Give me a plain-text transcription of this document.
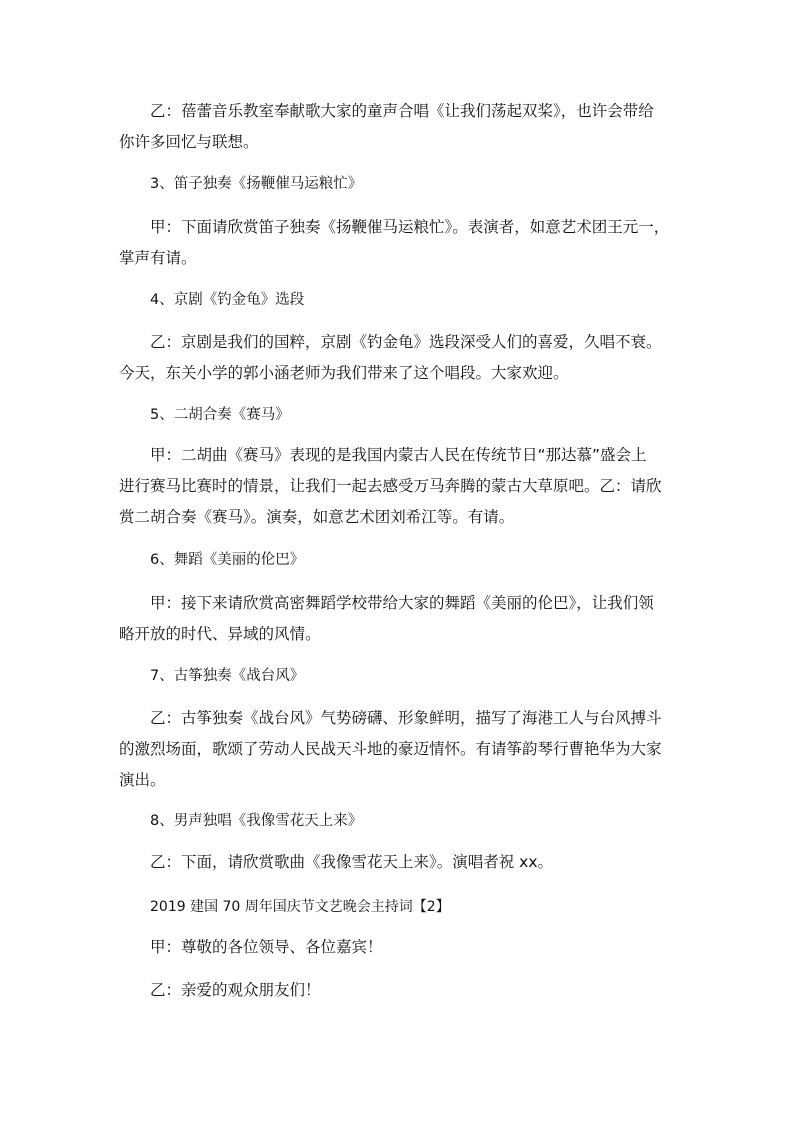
乙：蓓蕾音乐教室奉献歌大家的童声合唱《让我们荡起双桨》，也许会带给
你许多回忆与联想。
3、笛子独奏《扬鞭催马运粮忙》
甲：下面请欣赏笛子独奏《扬鞭催马运粮忙》。表演者，如意艺术团王元一，
掌声有请。
4、京剧《钓金龟》选段
乙：京剧是我们的国粹，京剧《钓金龟》选段深受人们的喜爱，久唱不衰。
今天，东关小学的郭小涵老师为我们带来了这个唱段。大家欢迎。
5、二胡合奏《赛马》
甲：二胡曲《赛马》表现的是我国内蒙古人民在传统节日“那达慕”盛会上
进行赛马比赛时的情景，让我们一起去感受万马奔腾的蒙古大草原吧。乙：请欣
赏二胡合奏《赛马》。演奏，如意艺术团刘希江等。有请。
6、舞蹈《美丽的伦巴》
甲：接下来请欣赏高密舞蹈学校带给大家的舞蹈《美丽的伦巴》，让我们领
略开放的时代、异域的风情。
7、古筝独奏《战台风》
乙：古筝独奏《战台风》气势磅礴、形象鲜明，描写了海港工人与台风搏斗
的激烈场面，歌颂了劳动人民战天斗地的豪迈情怀。有请筝韵琴行曹艳华为大家
演出。
8、男声独唱《我像雪花天上来》
乙：下面，请欣赏歌曲《我像雪花天上来》。演唱者祝 xx。
2019 建国 70 周年国庆节文艺晚会主持词【2】
甲：尊敬的各位领导、各位嘉宾！
乙：亲爱的观众朋友们！
